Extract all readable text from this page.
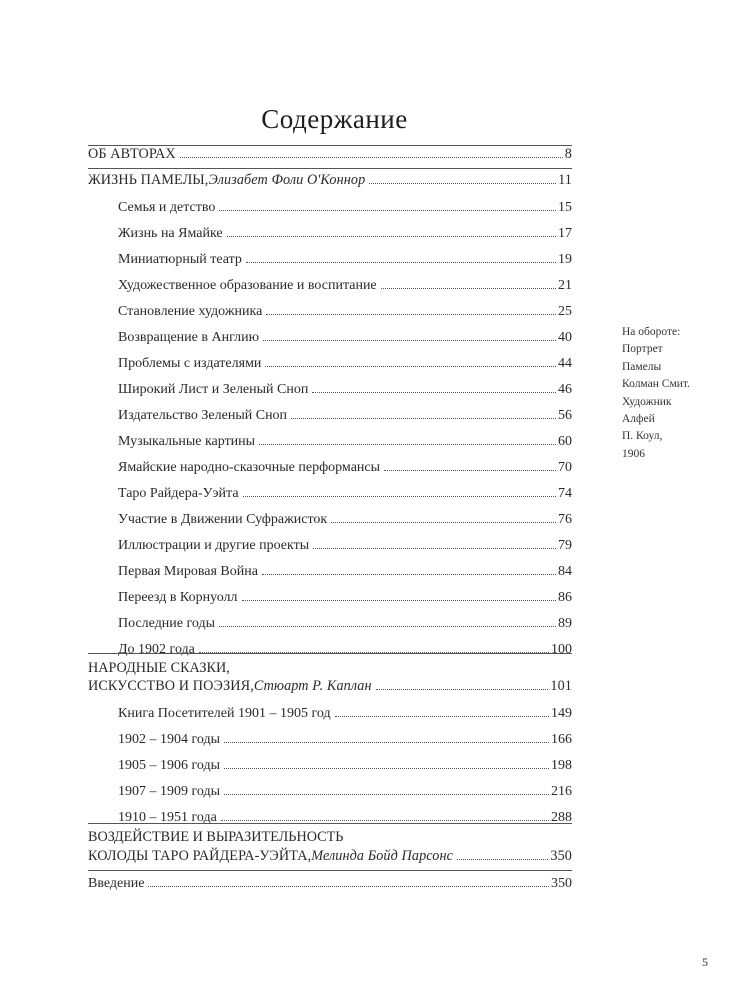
Содержание
ОБ АВТОРАХ	8
ЖИЗНЬ ПАМЕЛЫ, Элизабет Фоли О'Коннор	11
Семья и детство	15
Жизнь на Ямайке	17
Миниатюрный театр	19
Художественное образование и воспитание	21
Становление художника	25
Возвращение в Англию	40
Проблемы с издателями	44
Широкий Лист и Зеленый Сноп	46
Издательство Зеленый Сноп	56
Музыкальные картины	60
Ямайские народно-сказочные перформансы	70
Таро Райдера-Уэйта	74
Участие в Движении Суфражисток	76
Иллюстрации и другие проекты	79
Первая Мировая Война	84
Переезд в Корнуолл	86
Последние годы	89
До 1902 года	100
НАРОДНЫЕ СКАЗКИ,
ИСКУССТВО И ПОЭЗИЯ, Стюарт Р. Каплан	101
Книга Посетителей 1901 – 1905 год	149
1902 – 1904 годы	166
1905 – 1906 годы	198
1907 – 1909 годы	216
1910 – 1951 года	288
ВОЗДЕЙСТВИЕ И ВЫРАЗИТЕЛЬНОСТЬ
КОЛОДЫ ТАРО РАЙДЕРА-УЭЙТА, Мелинда Бойд Парсонс	350
Введение	350
На обороте:
Портрет
Памелы
Колман Смит.
Художник
Алфей
П. Коул,
1906
5
